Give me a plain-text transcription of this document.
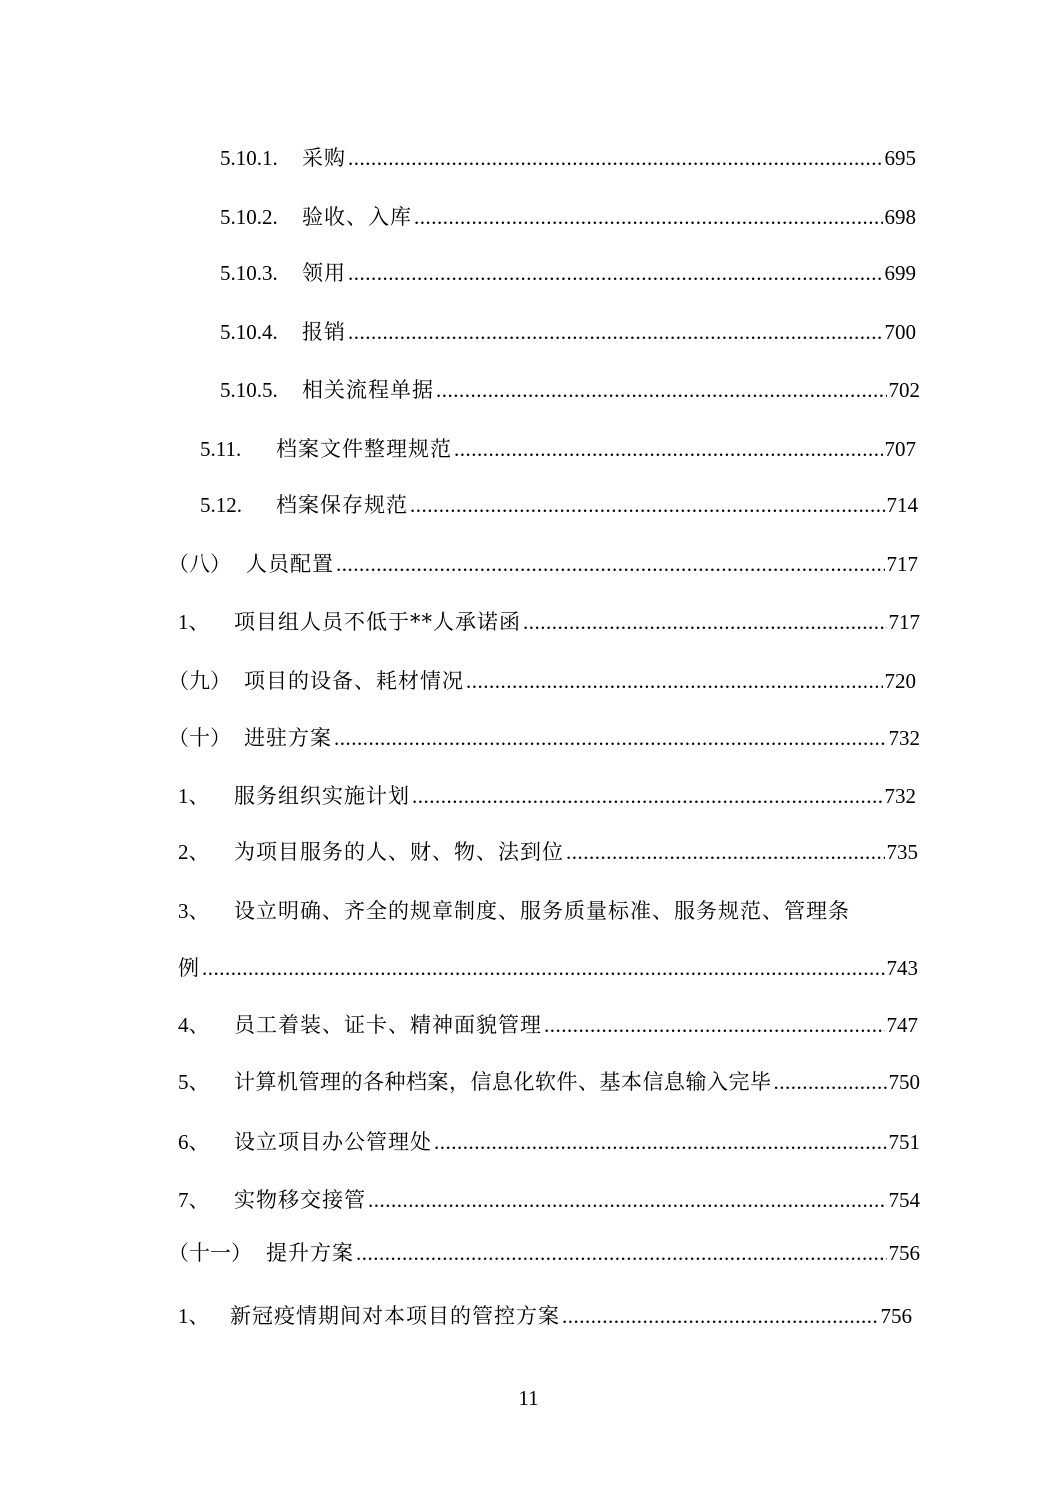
5.10.1.	采购 .....	695
5.10.2.	验收、入库 .....	698
5.10.3.	领用 .....	699
5.10.4.	报销 .....	700
5.10.5.	相关流程单据 .....	702
5.11.	档案文件整理规范 .....	707
5.12.	档案保存规范 .....	714
（八） 人员配置 .....	717
1、	项目组人员不低于**人承诺函 .....	717
（九） 项目的设备、耗材情况 .....	720
（十） 进驻方案 .....	732
1、	服务组织实施计划 .....	732
2、	为项目服务的人、财、物、法到位 .....	735
3、 设立明确、齐全的规章制度、服务质量标准、服务规范、管理条
例 .....	743
4、	员工着装、证卡、精神面貌管理 .....	747
5、	计算机管理的各种档案，信息化软件、基本信息输入完毕 .....	750
6、	设立项目办公管理处 .....	751
7、	实物移交接管 .....	754
（十一） 提升方案 .....	756
1、 新冠疫情期间对本项目的管控方案 .....	756
11
